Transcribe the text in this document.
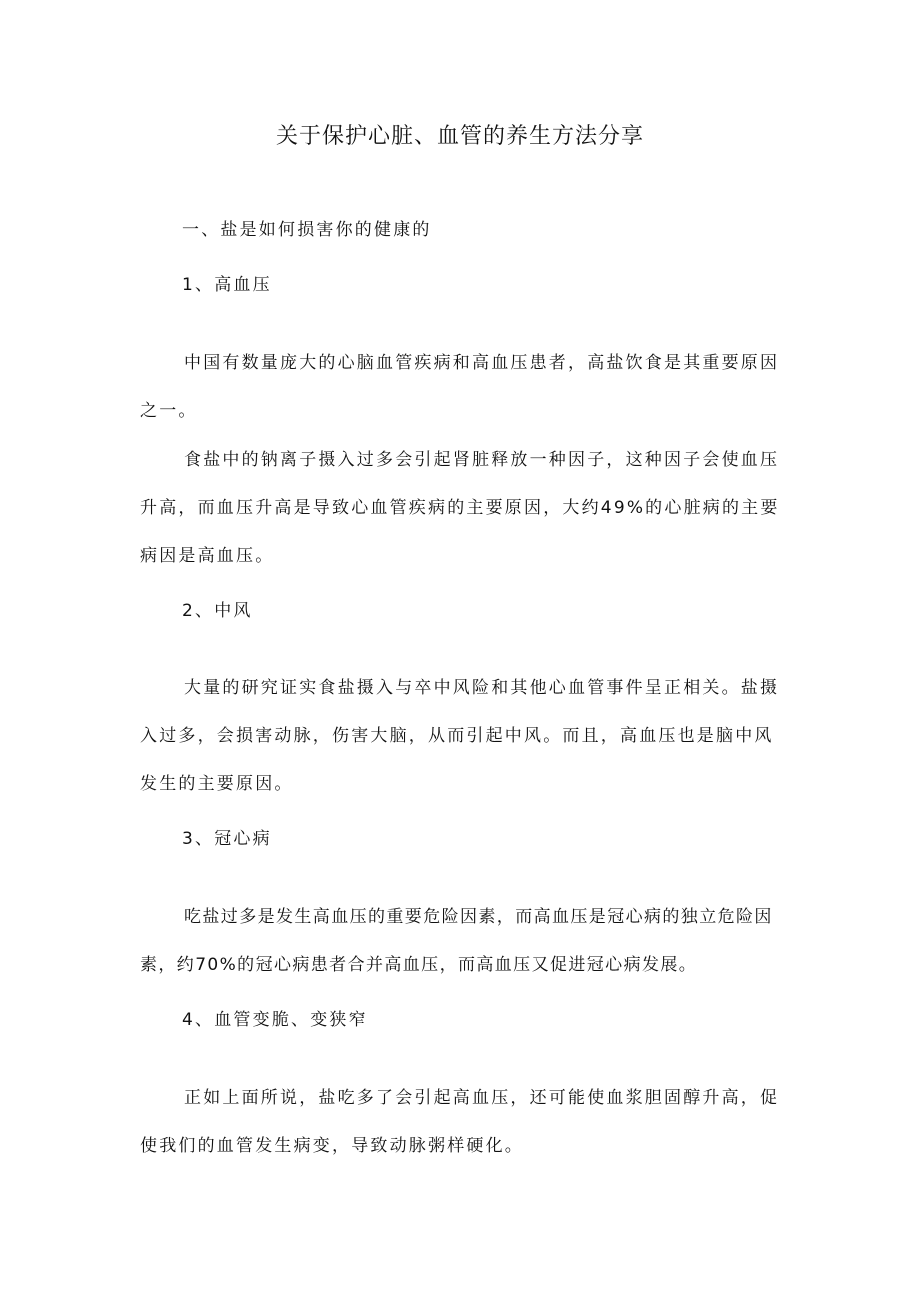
关于保护心脏、血管的养生方法分享
一、盐是如何损害你的健康的
1、高血压
中国有数量庞大的心脑血管疾病和高血压患者，高盐饮食是其重要原因之一。
食盐中的钠离子摄入过多会引起肾脏释放一种因子，这种因子会使血压升高，而血压升高是导致心血管疾病的主要原因，大约49%的心脏病的主要病因是高血压。
2、中风
大量的研究证实食盐摄入与卒中风险和其他心血管事件呈正相关。盐摄入过多，会损害动脉，伤害大脑，从而引起中风。而且，高血压也是脑中风发生的主要原因。
3、冠心病
吃盐过多是发生高血压的重要危险因素，而高血压是冠心病的独立危险因素，约70%的冠心病患者合并高血压，而高血压又促进冠心病发展。
4、血管变脆、变狭窄
正如上面所说，盐吃多了会引起高血压，还可能使血浆胆固醇升高，促使我们的血管发生病变，导致动脉粥样硬化。
